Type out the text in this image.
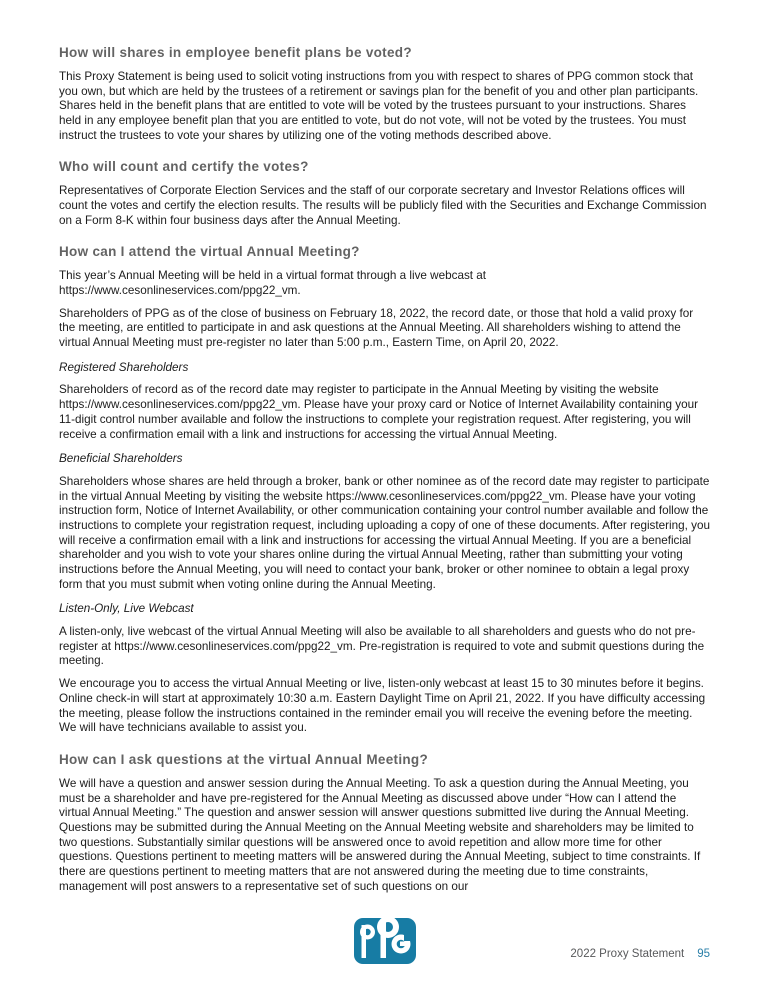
How will shares in employee benefit plans be voted?

This Proxy Statement is being used to solicit voting instructions from you with respect to shares of PPG common stock that you own, but which are held by the trustees of a retirement or savings plan for the benefit of you and other plan participants. Shares held in the benefit plans that are entitled to vote will be voted by the trustees pursuant to your instructions. Shares held in any employee benefit plan that you are entitled to vote, but do not vote, will not be voted by the trustees. You must instruct the trustees to vote your shares by utilizing one of the voting methods described above.

Who will count and certify the votes?

Representatives of Corporate Election Services and the staff of our corporate secretary and Investor Relations offices will count the votes and certify the election results. The results will be publicly filed with the Securities and Exchange Commission on a Form 8-K within four business days after the Annual Meeting.

How can I attend the virtual Annual Meeting?

This year’s Annual Meeting will be held in a virtual format through a live webcast at https://www.cesonlineservices.com/ppg22_vm.

Shareholders of PPG as of the close of business on February 18, 2022, the record date, or those that hold a valid proxy for the meeting, are entitled to participate in and ask questions at the Annual Meeting. All shareholders wishing to attend the virtual Annual Meeting must pre-register no later than 5:00 p.m., Eastern Time, on April 20, 2022.

Registered Shareholders

Shareholders of record as of the record date may register to participate in the Annual Meeting by visiting the website https://www.cesonlineservices.com/ppg22_vm. Please have your proxy card or Notice of Internet Availability containing your 11-digit control number available and follow the instructions to complete your registration request. After registering, you will receive a confirmation email with a link and instructions for accessing the virtual Annual Meeting.

Beneficial Shareholders

Shareholders whose shares are held through a broker, bank or other nominee as of the record date may register to participate in the virtual Annual Meeting by visiting the website https://www.cesonlineservices.com/ppg22_vm. Please have your voting instruction form, Notice of Internet Availability, or other communication containing your control number available and follow the instructions to complete your registration request, including uploading a copy of one of these documents. After registering, you will receive a confirmation email with a link and instructions for accessing the virtual Annual Meeting. If you are a beneficial shareholder and you wish to vote your shares online during the virtual Annual Meeting, rather than submitting your voting instructions before the Annual Meeting, you will need to contact your bank, broker or other nominee to obtain a legal proxy form that you must submit when voting online during the Annual Meeting.

Listen-Only, Live Webcast

A listen-only, live webcast of the virtual Annual Meeting will also be available to all shareholders and guests who do not pre-register at https://www.cesonlineservices.com/ppg22_vm. Pre-registration is required to vote and submit questions during the meeting.

We encourage you to access the virtual Annual Meeting or live, listen-only webcast at least 15 to 30 minutes before it begins. Online check-in will start at approximately 10:30 a.m. Eastern Daylight Time on April 21, 2022. If you have difficulty accessing the meeting, please follow the instructions contained in the reminder email you will receive the evening before the meeting. We will have technicians available to assist you.

How can I ask questions at the virtual Annual Meeting?

We will have a question and answer session during the Annual Meeting. To ask a question during the Annual Meeting, you must be a shareholder and have pre-registered for the Annual Meeting as discussed above under “How can I attend the virtual Annual Meeting.” The question and answer session will answer questions submitted live during the Annual Meeting. Questions may be submitted during the Annual Meeting on the Annual Meeting website and shareholders may be limited to two questions. Substantially similar questions will be answered once to avoid repetition and allow more time for other questions. Questions pertinent to meeting matters will be answered during the Annual Meeting, subject to time constraints. If there are questions pertinent to meeting matters that are not answered during the meeting due to time constraints, management will post answers to a representative set of such questions on our

2022 Proxy Statement 95
